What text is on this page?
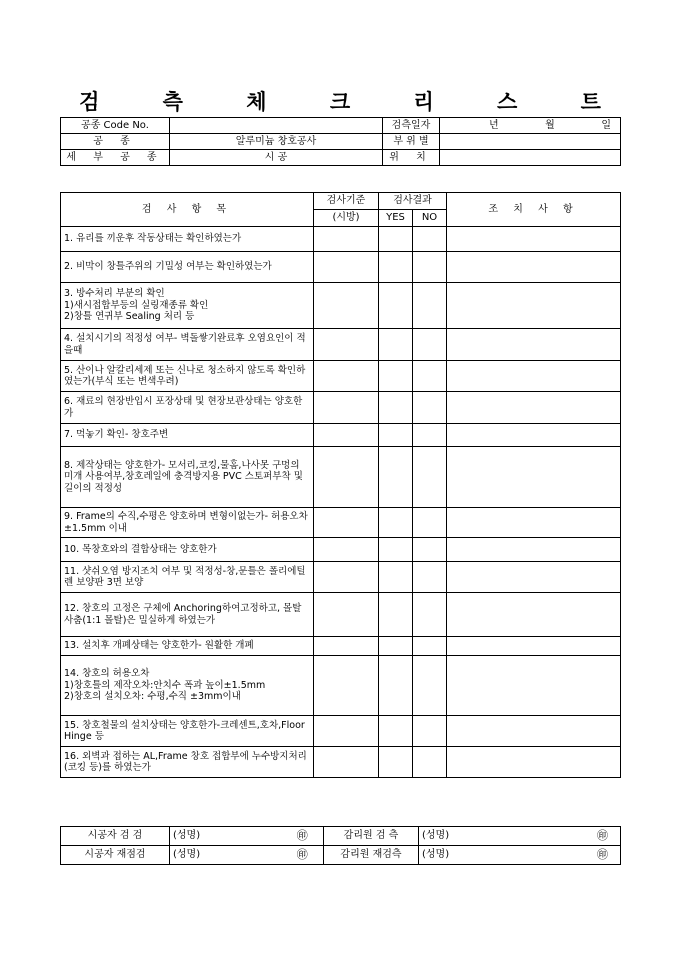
검 측 체 크 리 스 트
공종 Code No.		검측일자	년 월 일

공 종	알루미늄 창호공사	부 위 별	
세 부 공 종	시 공	위 치	
검 사 항 목	검사기준	검사결과		조 치 사 항
	(시방)	YES	NO	
1. 유리를 끼운후 작동상태는 확인하였는가				
2. 비막이 창틀주위의 기밀성 여부는 확인하였는가				
3. 방수처리 부분의 확인
1)새시접합부등의 실링재종류 확인
2)창틀 연귀부 Sealing 처리 등				
4. 설치시기의 적정성 여부- 벽돌쌓기완료후 오염요인이 적을때				
5. 산이나 알칼리세제 또는 신나로 청소하지 않도록 확인하였는가(부식 또는 변색우려)				
6. 재료의 현장반입시 포장상태 및 현장보관상태는 양호한가				
7. 먹놓기 확인- 창호주변				
8. 제작상태는 양호한가- 모서리,코킹,물홈,나사못 구멍의 미개 사용여부,창호레일에 충격방지용 PVC 스토퍼부착 및 길이의 적정성				
9. Frame의 수직,수평은 양호하며 변형이없는가- 허용오차 ±1.5mm 이내				
10. 목창호와의 결합상태는 양호한가				
11. 샷쉬오염 방지조치 여부 및 적정성-창,문틀은 폴리에틸렌 보양판 3면 보양				
12. 창호의 고정은 구체에 Anchoring하여고정하고, 몰탈사춤(1:1 몰탈)은 밀실하게 하였는가				
13. 설치후 개폐상태는 양호한가- 원활한 개폐				
14. 창호의 허용오차
1)창호틀의 제작오차:안치수 폭과 높이±1.5mm
2)창호의 설치오차: 수평,수직 ±3mm이내				
15. 창호철물의 설치상태는 양호한가-크레센트,호차,Floor Hinge 등				
16. 외벽과 접하는 AL,Frame 창호 접합부에 누수방지처리(코킹 등)를 하였는가				
시공자 검 검	(성명)	㊞	감리원 검 측	(성명)	㊞
시공자 재점검	(성명)	㊞	감리원 재검측	(성명)	㊞
